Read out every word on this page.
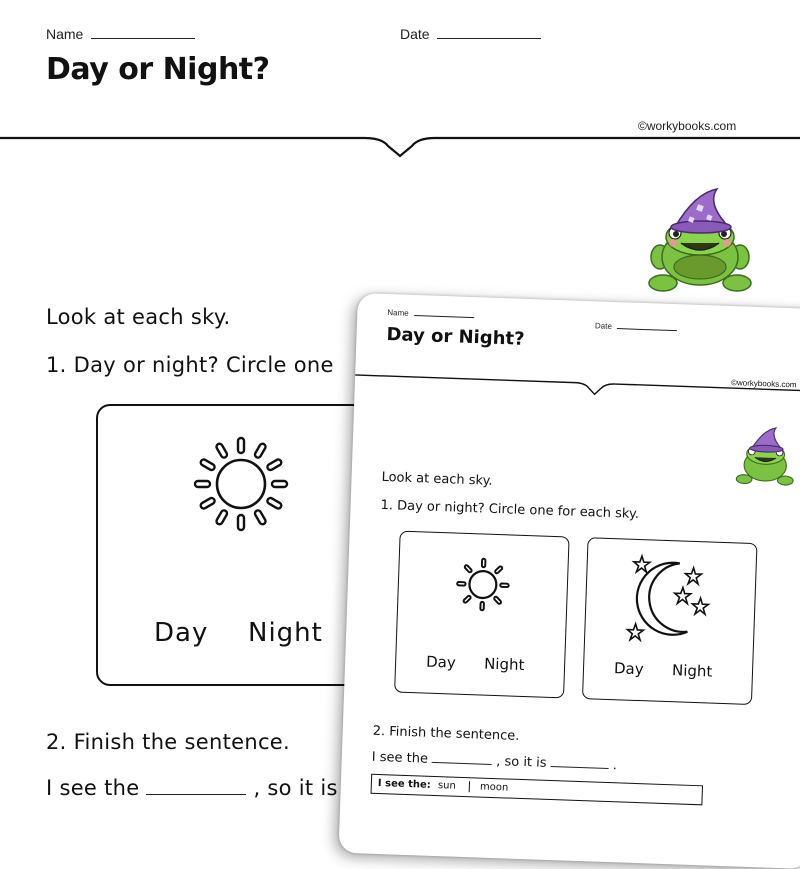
Name	Date
Day or Night?
©workybooks.com
Look at each sky.
1. Day or night? Circle one
Day Night
2. Finish the sentence.
I see the	, so it is
Name
Date
Day or Night?
©workybooks.com
Look at each sky.
1. Day or night? Circle one for each sky.
Day Night	Day Night
2. Finish the sentence.
I see the	, so it is	.
I see the: sun moon
